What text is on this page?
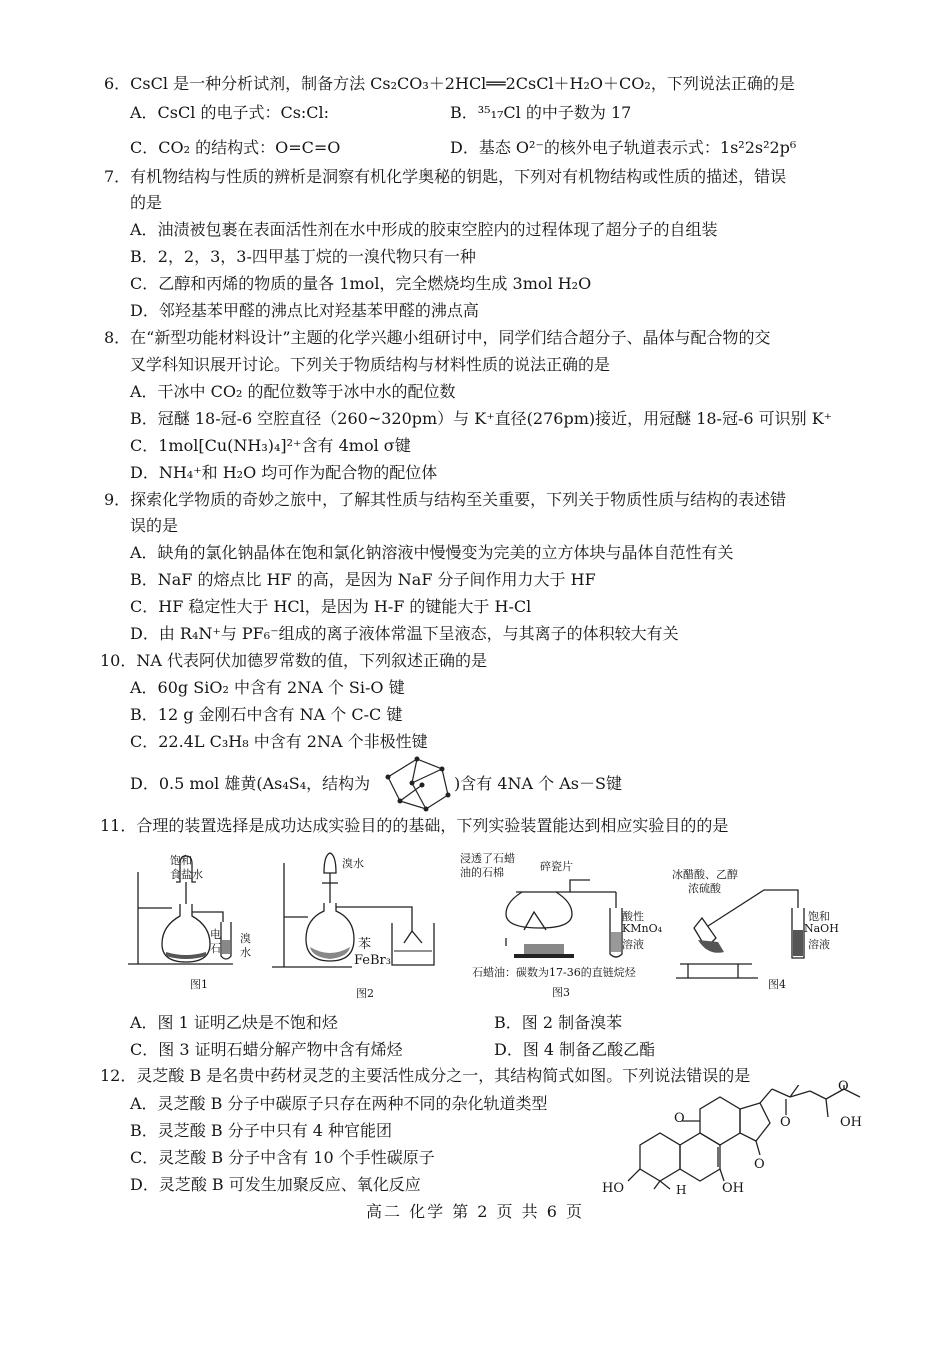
6．CsCl 是一种分析试剂，制备方法 Cs₂CO₃＋2HCl══2CsCl＋H₂O＋CO₂，下列说法正确的是
A．CsCl 的电子式：Cs:Cl:	B．³⁵₁₇Cl 的中子数为 17
C．CO₂ 的结构式：O=C=O	D．基态 O²⁻的核外电子轨道表示式：1s²2s²2p⁶
7．有机物结构与性质的辨析是洞察有机化学奥秘的钥匙，下列对有机物结构或性质的描述，错误
的是
A．油渍被包裹在表面活性剂在水中形成的胶束空腔内的过程体现了超分子的自组装
B．2，2，3，3-四甲基丁烷的一溴代物只有一种
C．乙醇和丙烯的物质的量各 1mol，完全燃烧均生成 3mol H₂O
D．邻羟基苯甲醛的沸点比对羟基苯甲醛的沸点高
8．在“新型功能材料设计”主题的化学兴趣小组研讨中，同学们结合超分子、晶体与配合物的交
叉学科知识展开讨论。下列关于物质结构与材料性质的说法正确的是
A．干冰中 CO₂ 的配位数等于冰中水的配位数
B．冠醚 18-冠-6 空腔直径（260~320pm）与 K⁺直径(276pm)接近，用冠醚 18-冠-6 可识别 K⁺
C．1mol[Cu(NH₃)₄]²⁺含有 4mol σ键
D．NH₄⁺和 H₂O 均可作为配合物的配位体
9．探索化学物质的奇妙之旅中，了解其性质与结构至关重要，下列关于物质性质与结构的表述错
误的是
A．缺角的氯化钠晶体在饱和氯化钠溶液中慢慢变为完美的立方体块与晶体自范性有关
B．NaF 的熔点比 HF 的高，是因为 NaF 分子间作用力大于 HF
C．HF 稳定性大于 HCl，是因为 H-F 的键能大于 H-Cl
D．由 R₄N⁺与 PF₆⁻组成的离子液体常温下呈液态，与其离子的体积较大有关
10．NA 代表阿伏加德罗常数的值，下列叙述正确的是
A．60g SiO₂ 中含有 2NA 个 Si-O 键
B．12 g 金刚石中含有 NA 个 C-C 键
C．22.4L C₃H₈ 中含有 2NA 个非极性键
D．0.5 mol 雄黄(As₄S₄，结构为	)含有 4NA 个 As－S键
11．合理的装置选择是成功达成实验目的的基础，下列实验装置能达到相应实验目的的是
饱和
食盐水
电
石
溴
水
图1
溴水
苯
FeBr₃
图2
浸透了石蜡
油的石棉	碎瓷片
酸性
KMnO₄
溶液
石蜡油：碳数为17-36的直链烷烃
图3
冰醋酸、乙醇
浓硫酸
饱和
NaOH
溶液
图4
A．图 1 证明乙炔是不饱和烃	B．图 2 制备溴苯
C．图 3 证明石蜡分解产物中含有烯烃	D．图 4 制备乙酸乙酯
12．灵芝酸 B 是名贵中药材灵芝的主要活性成分之一，其结构简式如图。下列说法错误的是
A．灵芝酸 B 分子中碳原子只存在两种不同的杂化轨道类型
B．灵芝酸 B 分子中只有 4 种官能团
C．灵芝酸 B 分子中含有 10 个手性碳原子
D．灵芝酸 B 可发生加聚反应、氧化反应
O	O
O
O
OH
OH
HO	H
高二 化学 第 2 页 共 6 页
